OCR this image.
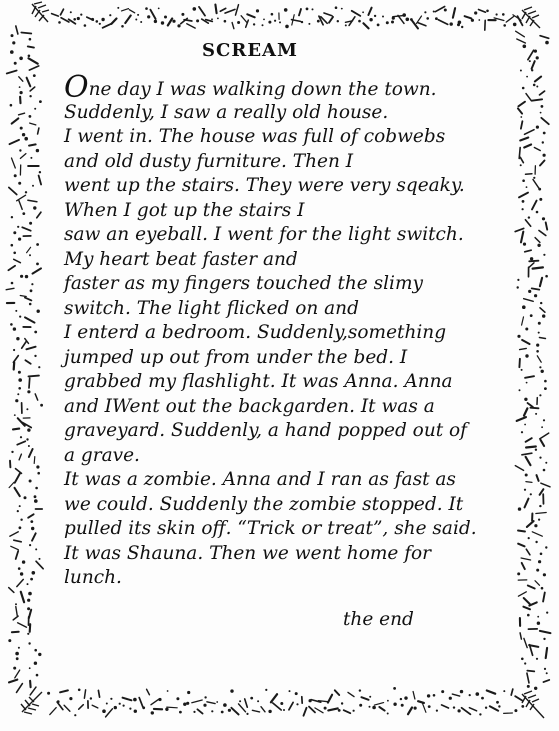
SCREAM
One day I was walking down the town.
Suddenly, I saw a really old house.
I went in. The house was full of cobwebs
and old dusty furniture. Then I
went up the stairs. They were very sqeaky.
When I got up the stairs I
saw an eyeball. I went for the light switch.
My heart beat faster and
faster as my fingers touched the slimy
switch. The light flicked on and
I enterd a bedroom. Suddenly,something
jumped up out from under the bed. I
grabbed my flashlight. It was Anna. Anna
and IWent out the backgarden. It was a
graveyard. Suddenly, a hand popped out of
a grave.
It was a zombie. Anna and I ran as fast as
we could. Suddenly the zombie stopped. It
pulled its skin off. “Trick or treat”, she said.
It was Shauna. Then we went home for
lunch.
the end
